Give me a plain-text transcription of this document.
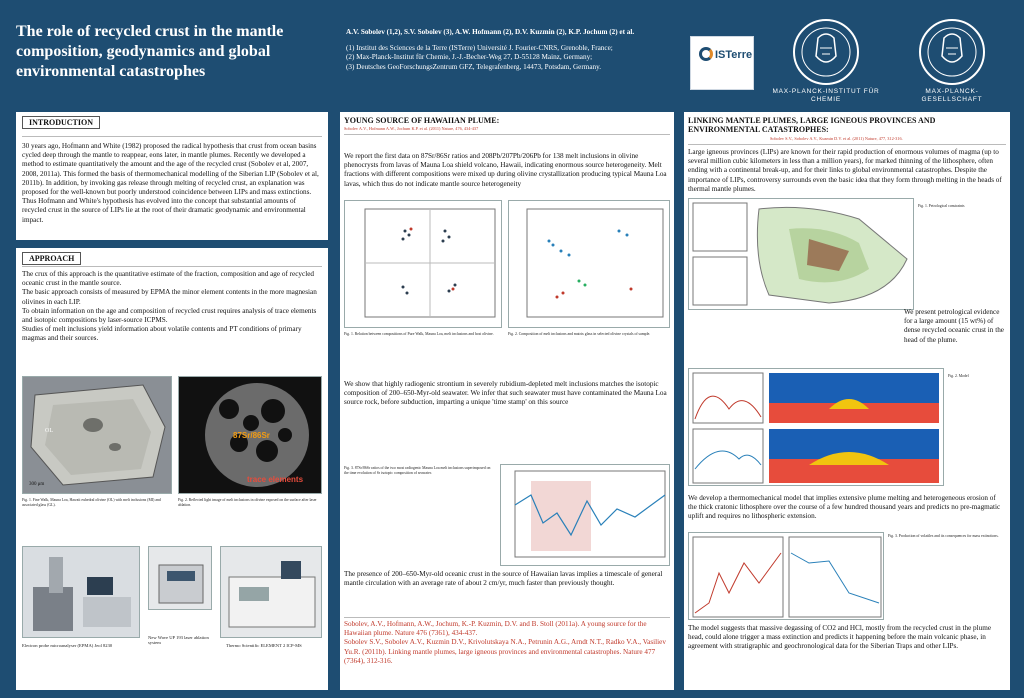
The role of recycled crust in the mantle composition, geodynamics and global environmental catastrophes
A.V. Sobolev (1,2), S.V. Sobolev (3), A.W. Hofmann (2), D.V. Kuzmin (2), K.P. Jochum (2) et al.
(1) Institut des Sciences de la Terre (ISTerre) Université J. Fourier-CNRS, Grenoble, France;
(2) Max-Planck-Institut für Chemie, J.-J.-Becher-Weg 27, D-55128 Mainz, Germany;
(3) Deutsches GeoForschungsZentrum GFZ, Telegrafenberg, 14473, Potsdam, Germany.
ISTerre
MAX-PLANCK-INSTITUT FÜR CHEMIE
MAX-PLANCK-GESELLSCHAFT
INTRODUCTION
30 years ago, Hofmann and White (1982) proposed the radical hypothesis that crust from ocean basins cycled deep through the mantle to reappear, eons later, in mantle plumes. Recently we developed a method to estimate quantitatively the amount and the age of the recycled crust (Sobolev et al, 2007, 2008, 2011a). This formed the basis of thermomechanical modelling of the Siberian LIP (Sobolev et al, 2011b). In addition, by invoking gas release through melting of recycled crust, an explanation was proposed for the well-known but poorly understood coincidence between LIPs and mass extinctions. Thus Hofmann and White's hypothesis has evolved into the concept that substantial amounts of recycled crust in the source of LIPs lie at the root of their dramatic geodynamic and environmental impact.
APPROACH
The crux of this approach is the quantitative estimate of the fraction, composition and age of recycled oceanic crust in the mantle source.
The basic approach consists of measured by EPMA the minor element contents in the more magnesian olivines in each LIP.
To obtain information on the age and composition of recycled crust requires analysis of trace elements and isotopic compositions by laser-source ICPMS.
Studies of melt inclusions yield information about volatile contents and PT conditions of primary magmas and their sources.
OL
300 μm
87Sr/86Sr
trace elements
Fig. 1. Fine Walk, Mauna Loa, Hawaii euhedral olivine (OL) with melt inclusions (MI) and associated glass (GL).
Fig. 2. Reflected light image of melt inclusions in olivine exposed on the surface after laser ablation.
Electron probe microanalyser (EPMA) Jeol 8230
New Wave UP 193 laser ablation system
Thermo Scientific ELEMENT 2 ICP-MS
YOUNG SOURCE OF HAWAIIAN PLUME:
Sobolev A.V., Hofmann A.W., Jochum K.P. et al. (2011) Nature, 476, 434-437
We report the first data on 87Sr/86Sr ratios and 208Pb/207Pb/206Pb for 138 melt inclusions in olivine phenocrysts from lavas of Mauna Loa shield volcano, Hawaii, indicating enormous source heterogeneity. Melt fractions with different compositions were mixed up during olivine crystallization producing typical Mauna Loa lavas, which thus do not indicate mantle source heterogeneity
Fig. 1. Relation between compositions of Pure Walk, Mauna Loa, melt inclusions and host olivine.	Fig. 2. Composition of melt inclusions and matrix glass in selected olivine crystals of sample.
We show that highly radiogenic strontium in severely rubidium-depleted melt inclusions matches the isotopic composition of 200–650-Myr-old seawater. We infer that such seawater must have contaminated the Mauna Loa source rock, before subduction, imparting a unique 'time stamp' on this source
Fig. 3. 87Sr/86Sr ratios of the two most radiogenic Mauna Loa melt inclusions superimposed on the time evolution of Sr isotopic composition of seawater.
The presence of 200–650-Myr-old oceanic crust in the source of Hawaiian lavas implies a timescale of general mantle circulation with an average rate of about 2 cm/yr, much faster than previously thought.
Sobolev, A.V., Hofmann, A.W., Jochum, K.-P. Kuzmin, D.V. and B. Stoll (2011a). A young source for the Hawaiian plume. Nature 476 (7361), 434-437.
Sobolev S.V., Sobolev A.V., Kuzmin D.V., Krivolutskaya N.A., Petrunin A.G., Arndt N.T., Radko V.A., Vasiliev Yu.R. (2011b). Linking mantle plumes, large igneous provinces and environmental catastrophes. Nature 477 (7364), 312-316.
LINKING MANTLE PLUMES, LARGE IGNEOUS PROVINCES AND ENVIRONMENTAL CATASTROPHES:
Sobolev S.V., Sobolev A.V., Kuzmin D.V. et al. (2011) Nature, 477, 312-316.
Large igneous provinces (LIPs) are known for their rapid production of enormous volumes of magma (up to several million cubic kilometers in less than a million years), for marked thinning of the lithosphere, often ending with a continental break-up, and for their links to global environmental catastrophes. Despite the importance of LIPs, controversy surrounds even the basic idea that they form through melting in the heads of thermal mantle plumes.
Fig. 1. Petrological constraints
We present petrological evidence for a large amount (15 wt%) of dense recycled oceanic crust in the head of the plume.
Fig. 2. Model
We develop a thermomechanical model that implies extensive plume melting and heterogeneous erosion of the thick cratonic lithosphere over the course of a few hundred thousand years and predicts no pre-magmatic uplift and requires no lithospheric extension.
Fig. 3. Production of volatiles and its consequences for mass extinctions.
The model suggests that massive degassing of CO2 and HCl, mostly from the recycled crust in the plume head, could alone trigger a mass extinction and predicts it happening before the main volcanic phase, in agreement with stratigraphic and geochronological data for the Siberian Traps and other LIPs.
